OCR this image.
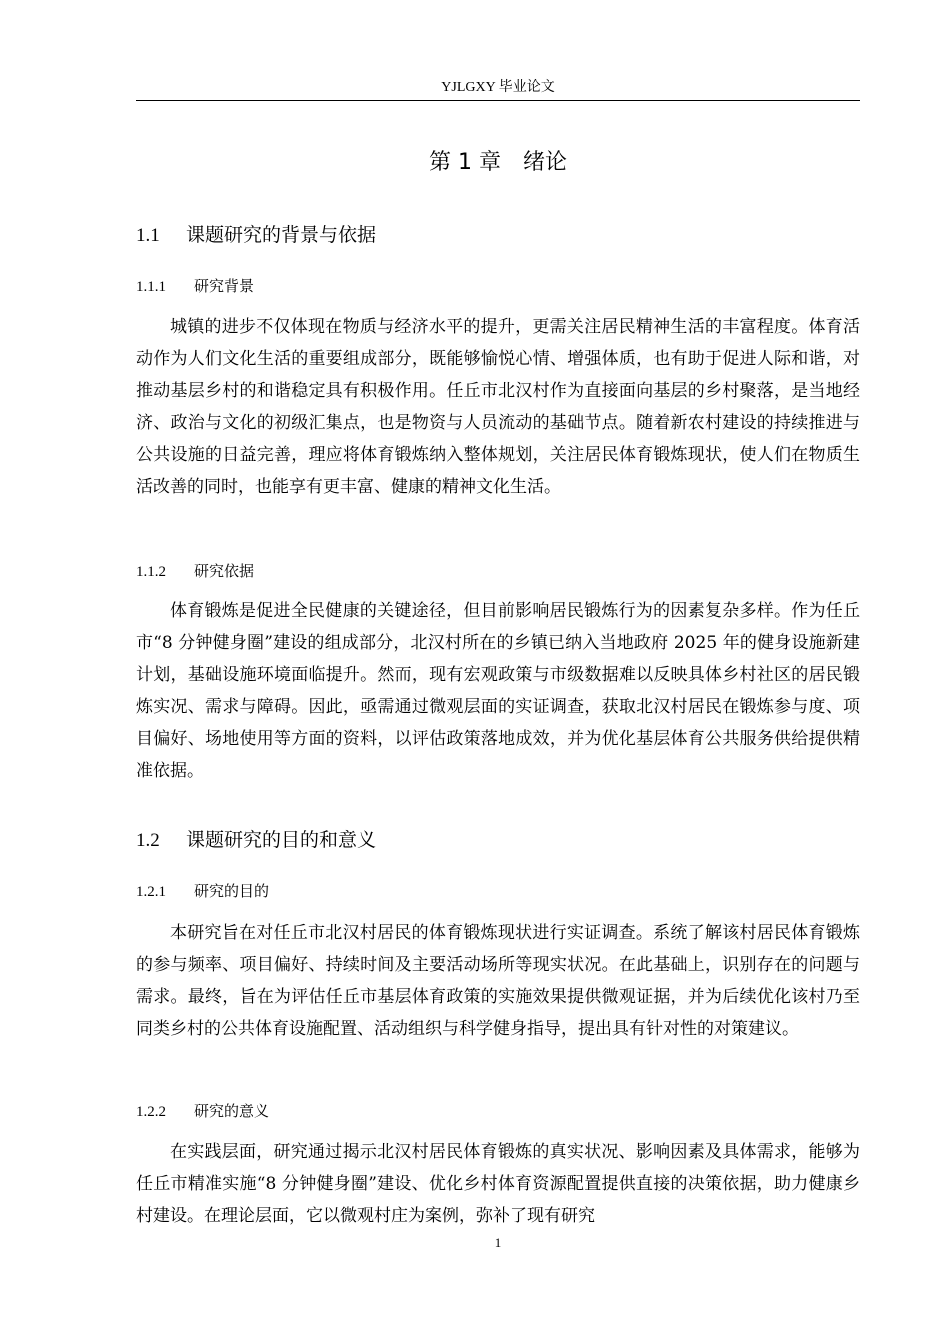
YJLGXY 毕业论文
第 1 章　绪论
1.1 课题研究的背景与依据
1.1.1 研究背景

城镇的进步不仅体现在物质与经济水平的提升，更需关注居民精神生活的丰富程度。体育活动作为人们文化生活的重要组成部分，既能够愉悦心情、增强体质，也有助于促进人际和谐，对推动基层乡村的和谐稳定具有积极作用。任丘市北汉村作为直接面向基层的乡村聚落，是当地经济、政治与文化的初级汇集点，也是物资与人员流动的基础节点。随着新农村建设的持续推进与公共设施的日益完善，理应将体育锻炼纳入整体规划，关注居民体育锻炼现状，使人们在物质生活改善的同时，也能享有更丰富、健康的精神文化生活。

1.1.2 研究依据

体育锻炼是促进全民健康的关键途径，但目前影响居民锻炼行为的因素复杂多样。作为任丘市“8 分钟健身圈”建设的组成部分，北汉村所在的乡镇已纳入当地政府 2025 年的健身设施新建计划，基础设施环境面临提升。然而，现有宏观政策与市级数据难以反映具体乡村社区的居民锻炼实况、需求与障碍。因此，亟需通过微观层面的实证调查，获取北汉村居民在锻炼参与度、项目偏好、场地使用等方面的资料，以评估政策落地成效，并为优化基层体育公共服务供给提供精准依据。

1.2 课题研究的目的和意义
1.2.1 研究的目的

本研究旨在对任丘市北汉村居民的体育锻炼现状进行实证调查。系统了解该村居民体育锻炼的参与频率、项目偏好、持续时间及主要活动场所等现实状况。在此基础上，识别存在的问题与需求。最终，旨在为评估任丘市基层体育政策的实施效果提供微观证据，并为后续优化该村乃至同类乡村的公共体育设施配置、活动组织与科学健身指导，提出具有针对性的对策建议。

1.2.2 研究的意义

在实践层面，研究通过揭示北汉村居民体育锻炼的真实状况、影响因素及具体需求，能够为任丘市精准实施“8 分钟健身圈”建设、优化乡村体育资源配置提供直接的决策依据，助力健康乡村建设。在理论层面，它以微观村庄为案例，弥补了现有研究

1
